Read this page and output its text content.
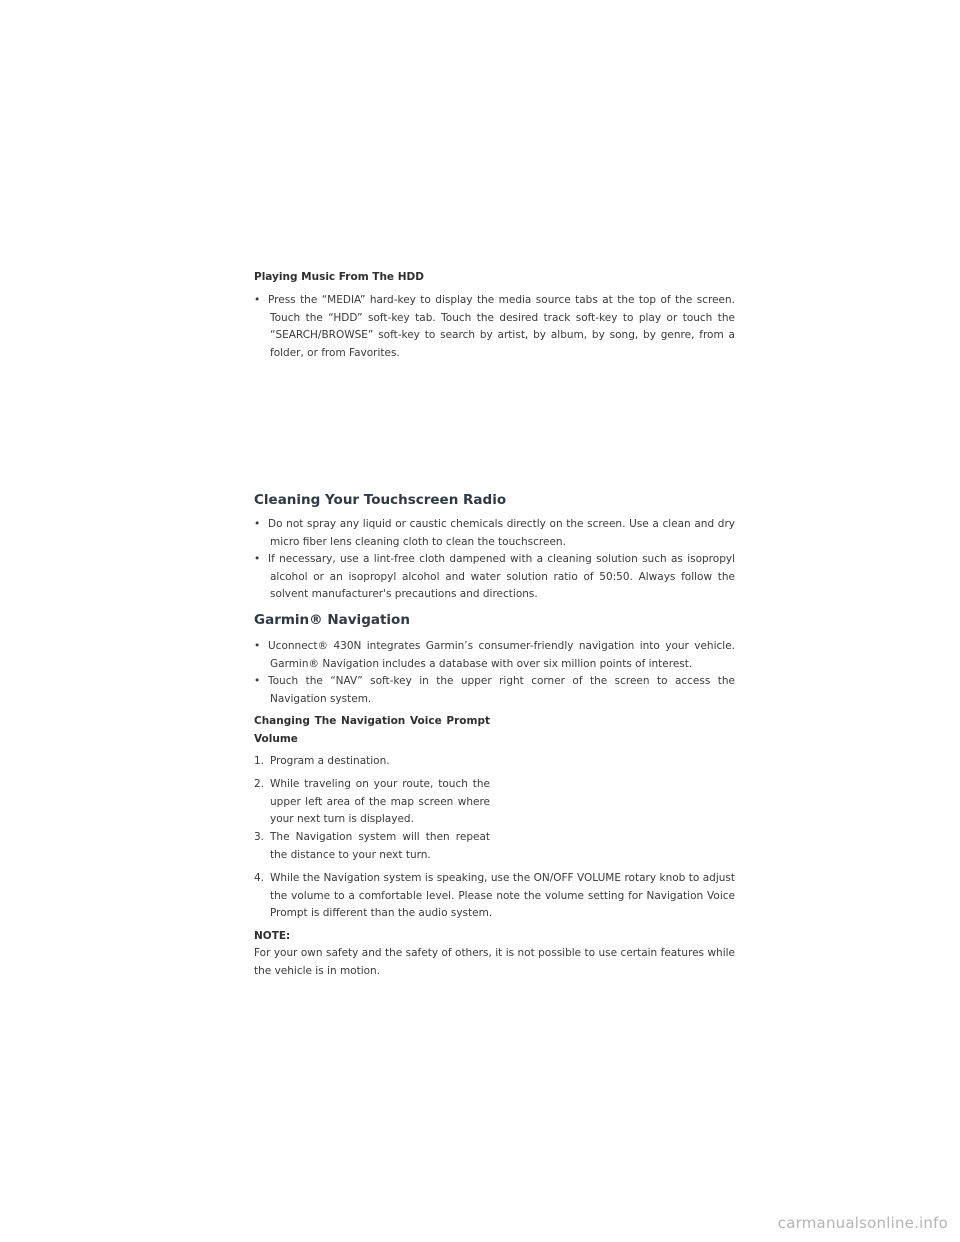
Playing Music From The HDD

• Press the “MEDIA” hard-key to display the media source tabs at the top of the screen. Touch the “HDD” soft-key tab. Touch the desired track soft-key to play or touch the “SEARCH/BROWSE” soft-key to search by artist, by album, by song, by genre, from a folder, or from Favorites.

Cleaning Your Touchscreen Radio

• Do not spray any liquid or caustic chemicals directly on the screen. Use a clean and dry micro fiber lens cleaning cloth to clean the touchscreen.

• If necessary, use a lint-free cloth dampened with a cleaning solution such as isopropyl alcohol or an isopropyl alcohol and water solution ratio of 50:50. Always follow the solvent manufacturer's precautions and directions.

Garmin® Navigation

• Uconnect® 430N integrates Garmin’s consumer-friendly navigation into your vehicle. Garmin® Navigation includes a database with over six million points of interest.

• Touch the “NAV” soft-key in the upper right corner of the screen to access the Navigation system.

Changing The Navigation Voice Prompt

Volume

1. Program a destination.

2. While traveling on your route, touch the upper left area of the map screen where your next turn is displayed.

3. The Navigation system will then repeat the distance to your next turn.

4. While the Navigation system is speaking, use the ON/OFF VOLUME rotary knob to adjust the volume to a comfortable level. Please note the volume setting for Navigation Voice Prompt is different than the audio system.

NOTE:

For your own safety and the safety of others, it is not possible to use certain features while the vehicle is in motion.

carmanualsonline.info
